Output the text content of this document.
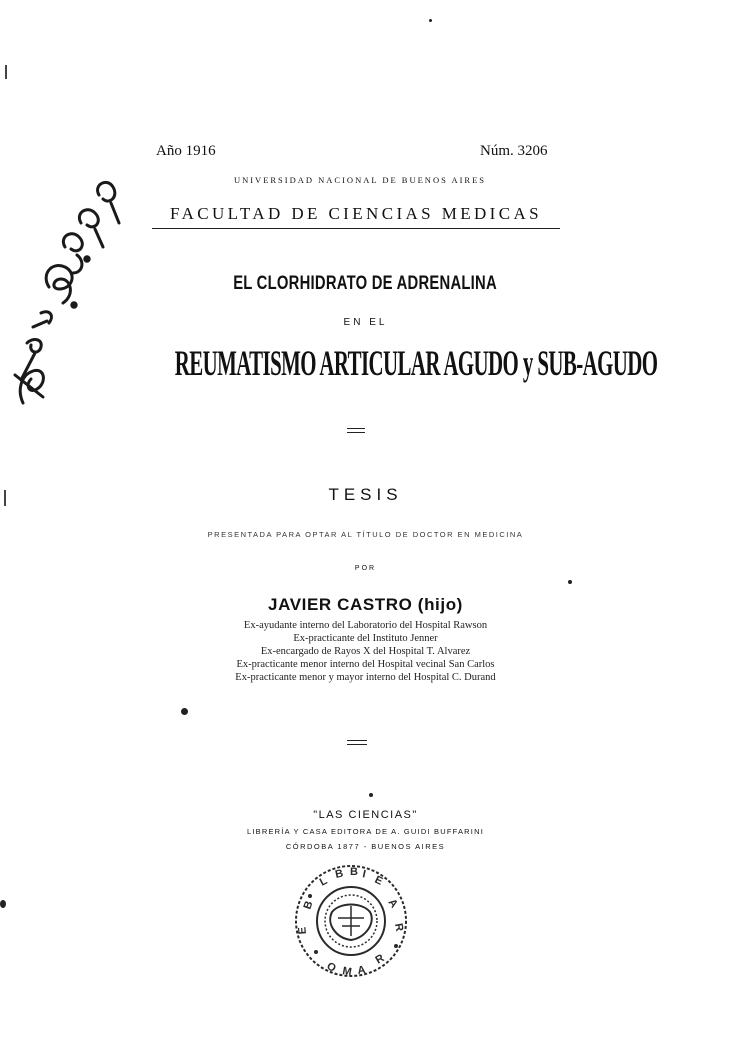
Año 1916	Núm. 3206
UNIVERSIDAD NACIONAL DE BUENOS AIRES
FACULTAD DE CIENCIAS MEDICAS
EL CLORHIDRATO DE ADRENALINA
EN EL
REUMATISMO ARTICULAR AGUDO y SUB-AGUDO
TESIS
PRESENTADA PARA OPTAR AL TÍTULO DE DOCTOR EN MEDICINA
POR
JAVIER CASTRO (hijo)
Ex-ayudante interno del Laboratorio del Hospital Rawson
Ex-practicante del Instituto Jenner
Ex-encargado de Rayos X del Hospital T. Alvarez
Ex-practicante menor interno del Hospital vecinal San Carlos
Ex-practicante menor y mayor interno del Hospital C. Durand
"LAS CIENCIAS"
LIBRERÍA Y CASA EDITORA DE A. GUIDI BUFFARINI
CÓRDOBA 1877 - BUENOS AIRES
L
B B I E
A
R
B
E
O M A
R
